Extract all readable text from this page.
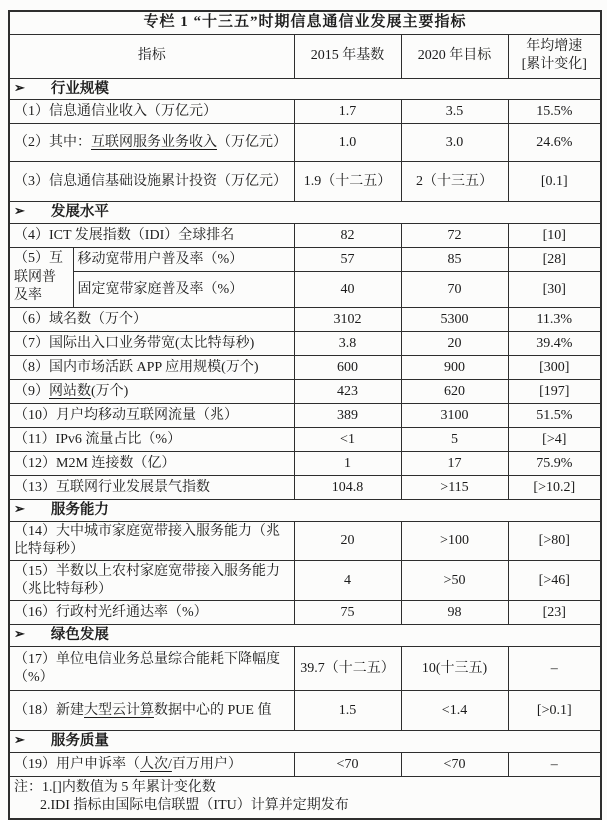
专栏 1 “十三五”时期信息通信业发展主要指标				
指标		2015 年基数	2020 年目标	年均增速
[累计变化]

➢ 行业规模				
（1）信息通信业收入（万亿元）		1.7	3.5	15.5%
（2）其中：互联网服务业务收入（万亿元）		1.0	3.0	24.6%
（3）信息通信基础设施累计投资（万亿元）		1.9（十二五）	2（十三五）	[0.1]
➢ 发展水平				
（4）ICT 发展指数（IDI）全球排名		82	72	[10]
（5）互联网普及率	移动宽带用户普及率（%）	57	85	[28]
	固定宽带家庭普及率（%）	40	70	[30]
（6）域名数（万个）		3102	5300	11.3%
（7）国际出入口业务带宽(太比特每秒)		3.8	20	39.4%
（8）国内市场活跃 APP 应用规模(万个)		600	900	[300]
（9）网站数(万个)		423	620	[197]
（10）月户均移动互联网流量（兆）		389	3100	51.5%
（11）IPv6 流量占比（%）		<1	5	[>4]
（12）M2M 连接数（亿）		1	17	75.9%
（13）互联网行业发展景气指数		104.8	>115	[>10.2]
➢ 服务能力				
（14）大中城市家庭宽带接入服务能力（兆比特每秒）		20	>100	[>80]
（15）半数以上农村家庭宽带接入服务能力（兆比特每秒）		4	>50	[>46]
（16）行政村光纤通达率（%）		75	98	[23]
➢ 绿色发展				
（17）单位电信业务总量综合能耗下降幅度（%）		39.7（十二五）	10(十三五)	–
（18）新建大型云计算数据中心的 PUE 值		1.5	<1.4	[>0.1]
➢ 服务质量				
（19）用户申诉率（人次/百万用户）		<70	<70	–

注：1.[]内数值为 5 年累计变化数
2.IDI 指标由国际电信联盟（ITU）计算并定期发布				
